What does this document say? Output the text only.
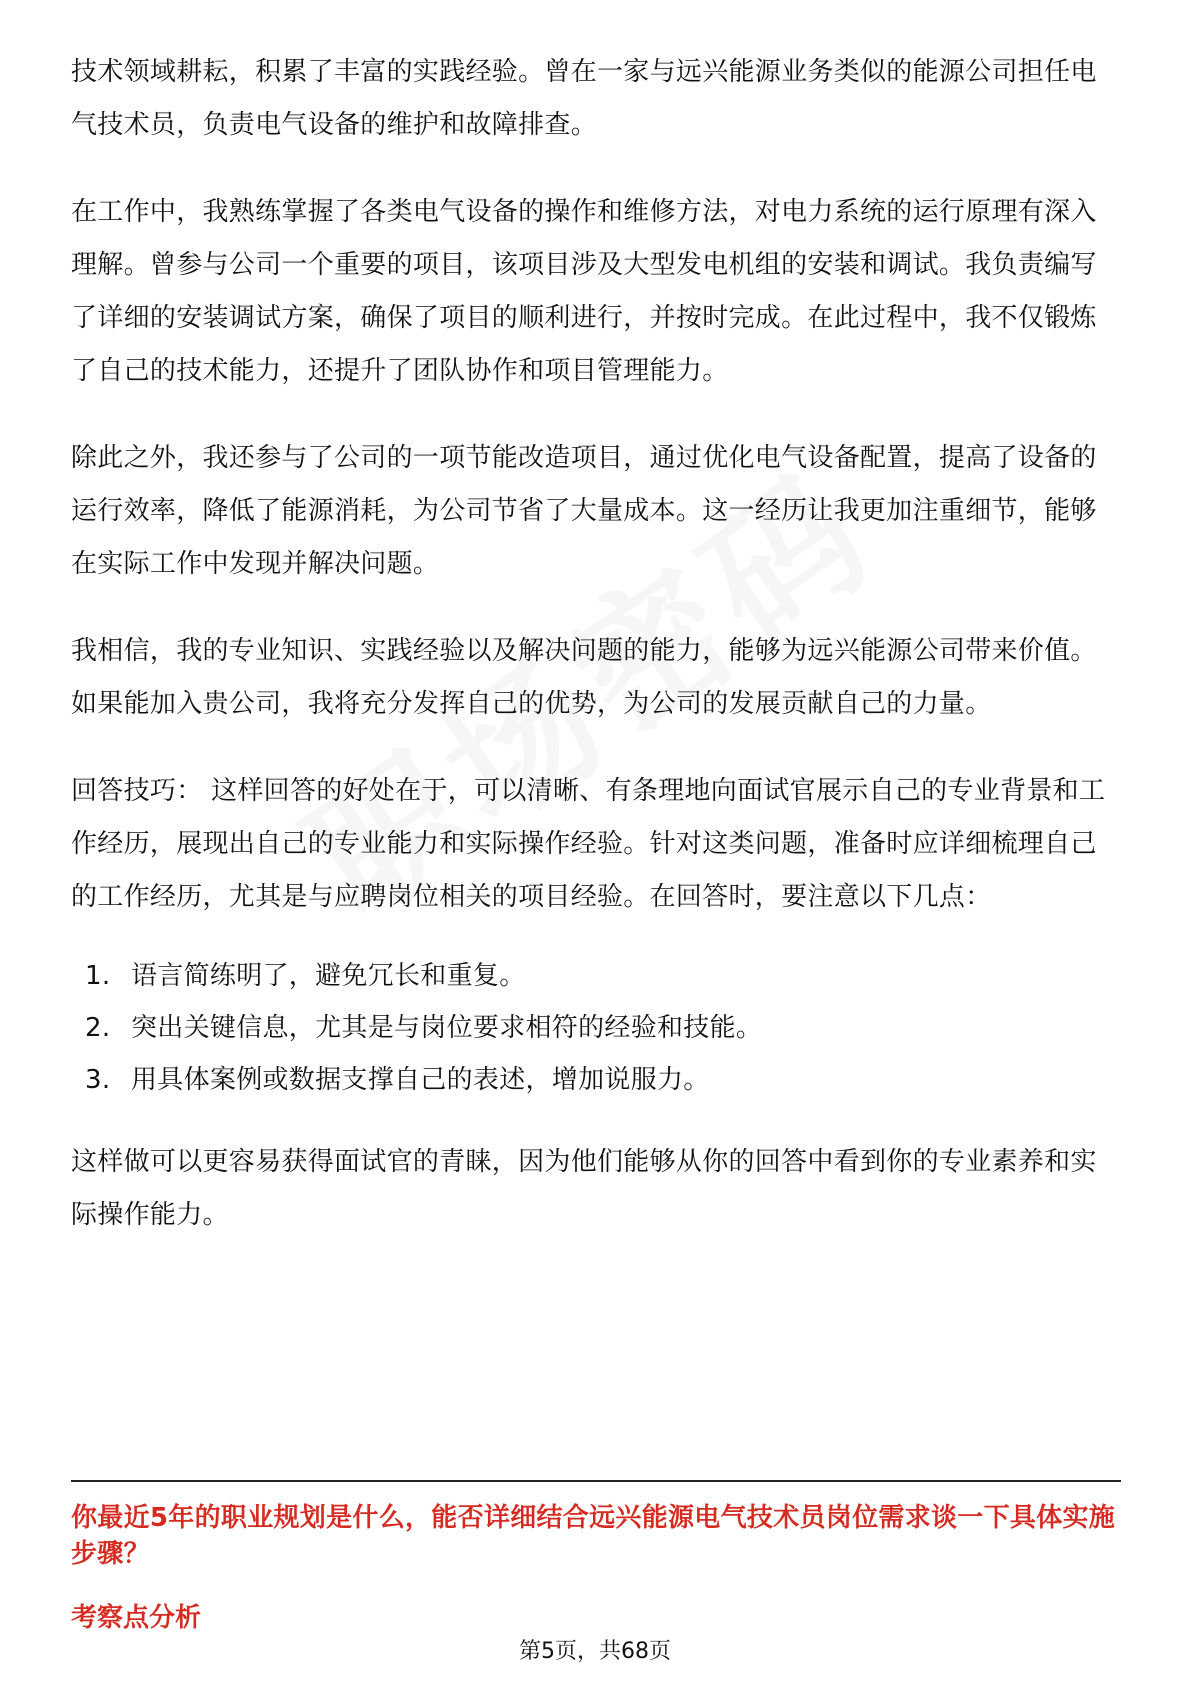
技术领域耕耘，积累了丰富的实践经验。曾在一家与远兴能源业务类似的能源公司担任电气技术员，负责电气设备的维护和故障排查。

在工作中，我熟练掌握了各类电气设备的操作和维修方法，对电力系统的运行原理有深入理解。曾参与公司一个重要的项目，该项目涉及大型发电机组的安装和调试。我负责编写了详细的安装调试方案，确保了项目的顺利进行，并按时完成。在此过程中，我不仅锻炼了自己的技术能力，还提升了团队协作和项目管理能力。

除此之外，我还参与了公司的一项节能改造项目，通过优化电气设备配置，提高了设备的运行效率，降低了能源消耗，为公司节省了大量成本。这一经历让我更加注重细节，能够在实际工作中发现并解决问题。

我相信，我的专业知识、实践经验以及解决问题的能力，能够为远兴能源公司带来价值。如果能加入贵公司，我将充分发挥自己的优势，为公司的发展贡献自己的力量。

回答技巧： 这样回答的好处在于，可以清晰、有条理地向面试官展示自己的专业背景和工作经历，展现出自己的专业能力和实际操作经验。针对这类问题，准备时应详细梳理自己的工作经历，尤其是与应聘岗位相关的项目经验。在回答时，要注意以下几点：

1. 语言简练明了，避免冗长和重复。
2. 突出关键信息，尤其是与岗位要求相符的经验和技能。
3. 用具体案例或数据支撑自己的表述，增加说服力。

这样做可以更容易获得面试官的青睐，因为他们能够从你的回答中看到你的专业素养和实际操作能力。

你最近5年的职业规划是什么，能否详细结合远兴能源电气技术员岗位需求谈一下具体实施步骤？
考察点分析
第5页，共68页
